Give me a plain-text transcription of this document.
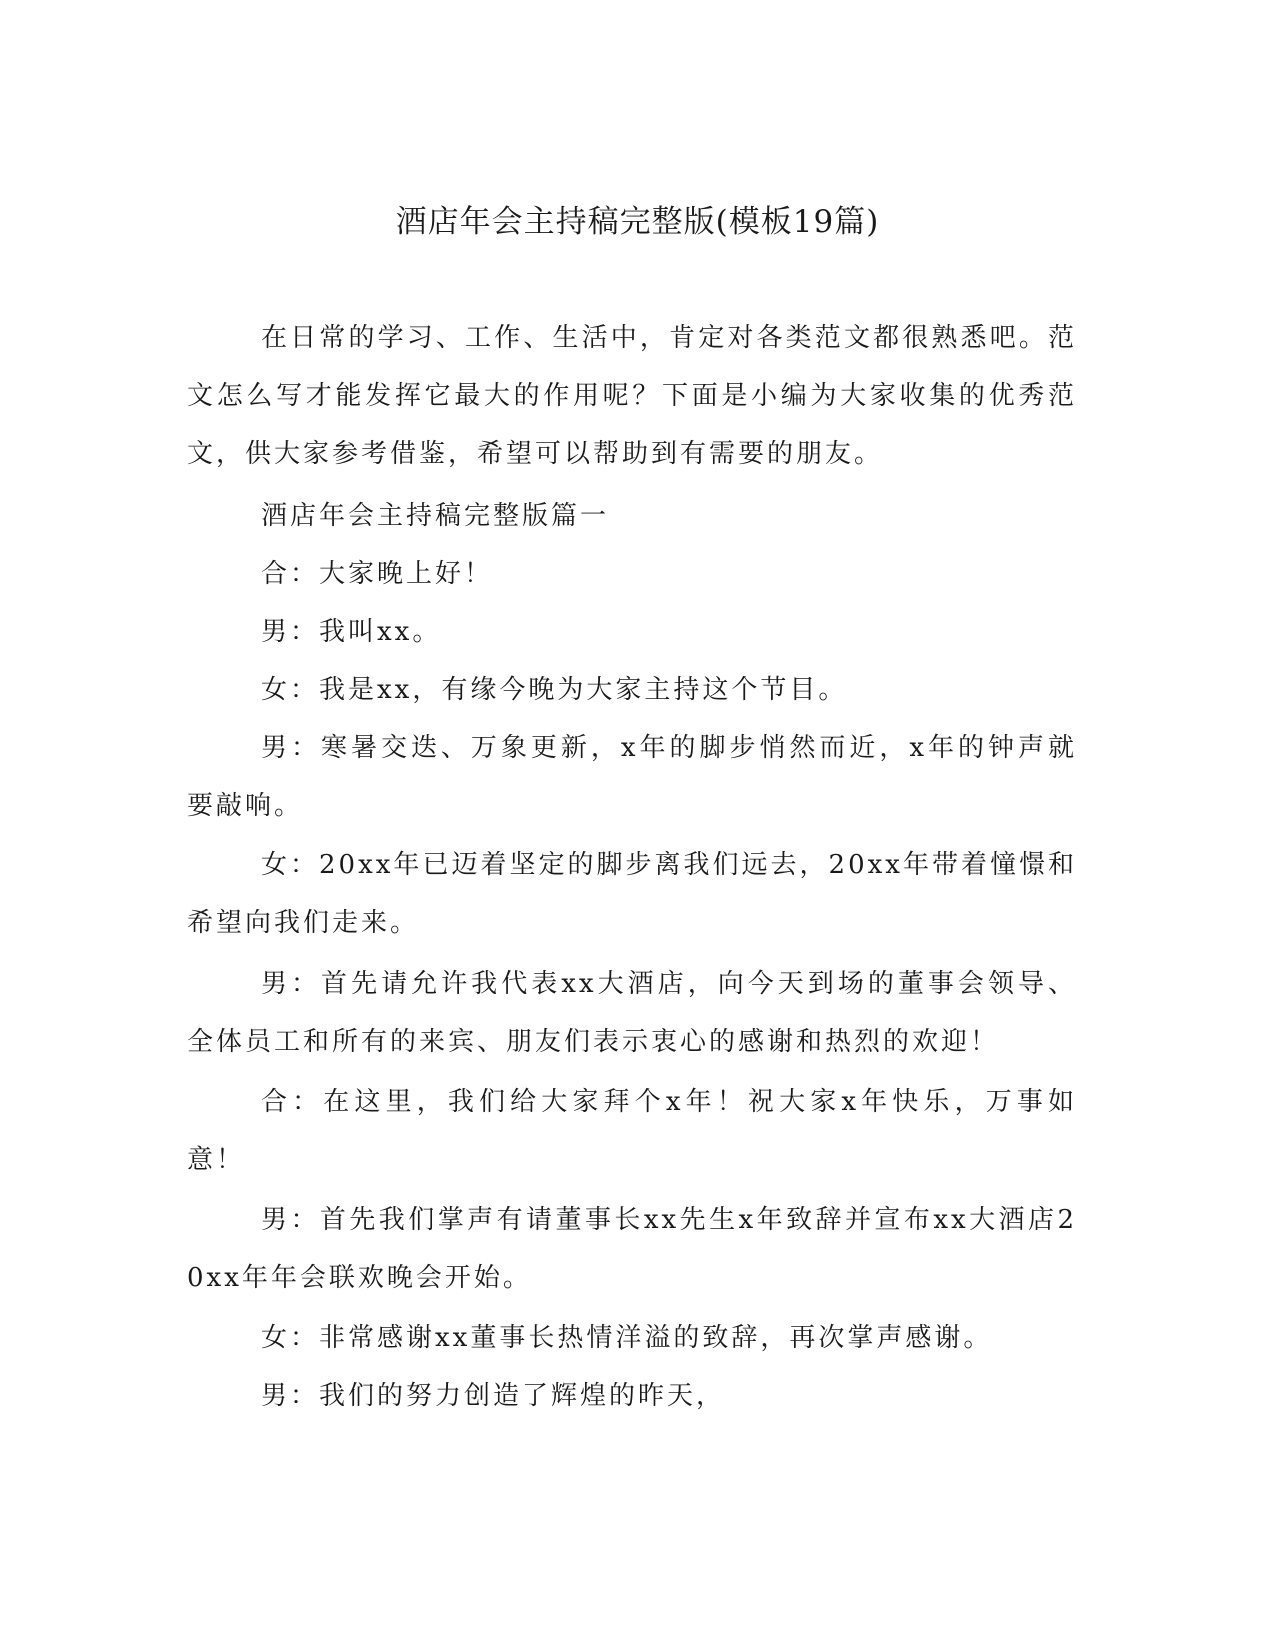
酒店年会主持稿完整版(模板19篇)

在日常的学习、工作、生活中，肯定对各类范文都很熟悉吧。范文怎么写才能发挥它最大的作用呢？下面是小编为大家收集的优秀范文，供大家参考借鉴，希望可以帮助到有需要的朋友。

酒店年会主持稿完整版篇一

合：大家晚上好！

男：我叫xx。

女：我是xx，有缘今晚为大家主持这个节目。

男：寒暑交迭、万象更新，x年的脚步悄然而近，x年的钟声就要敲响。

女：20xx年已迈着坚定的脚步离我们远去，20xx年带着憧憬和希望向我们走来。

男：首先请允许我代表xx大酒店，向今天到场的董事会领导、全体员工和所有的来宾、朋友们表示衷心的感谢和热烈的欢迎！

合：在这里，我们给大家拜个x年！祝大家x年快乐，万事如意！

男：首先我们掌声有请董事长xx先生x年致辞并宣布xx大酒店20xx年年会联欢晚会开始。

女：非常感谢xx董事长热情洋溢的致辞，再次掌声感谢。

男：我们的努力创造了辉煌的昨天，
